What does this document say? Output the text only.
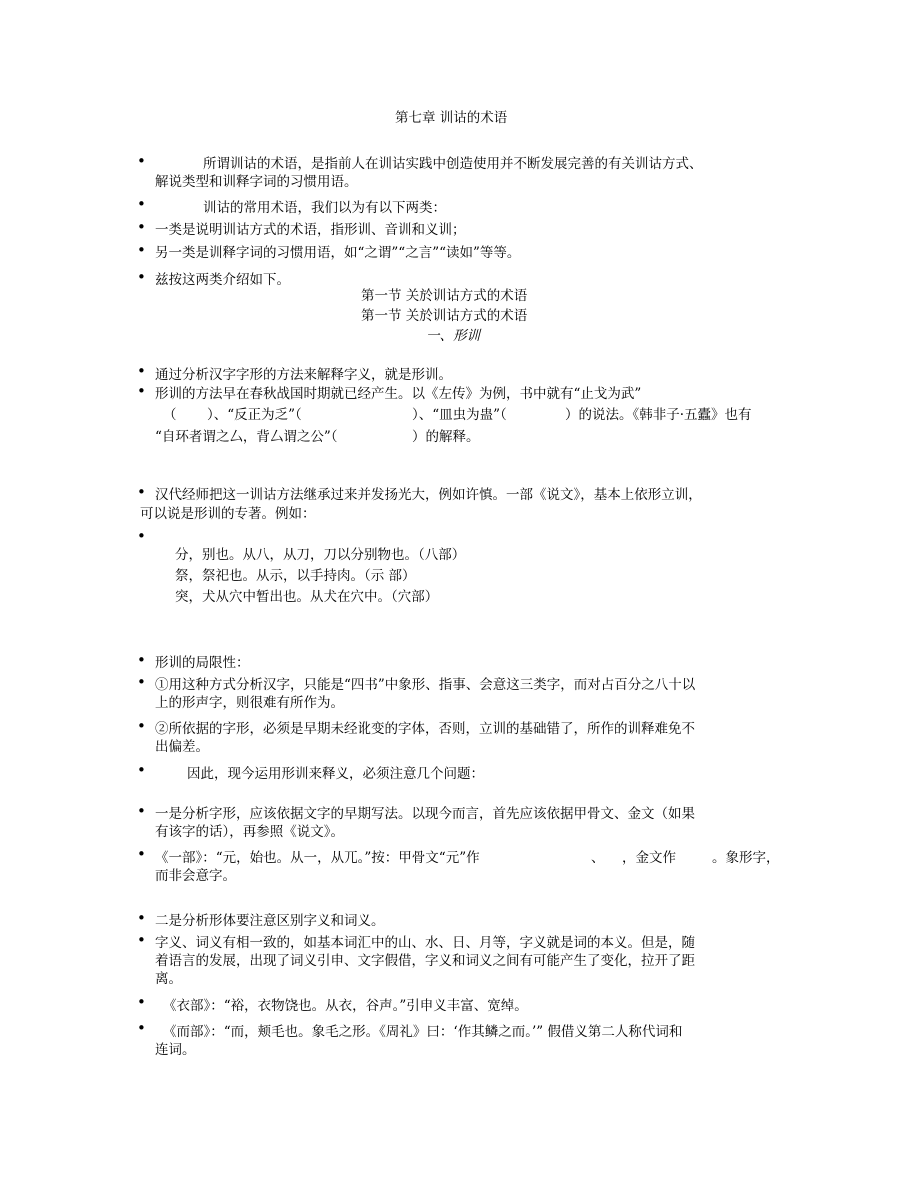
第七章 训诂的术语
•	所谓训诂的术语，是指前人在训诂实践中创造使用并不断发展完善的有关训诂方式、
解说类型和训释字词的习惯用语。
•	训诂的常用术语，我们以为有以下两类：
• 一类是说明训诂方式的术语，指形训、音训和义训；
• 另一类是训释字词的习惯用语，如“之谓”“之言”“读如”等等。
• 兹按这两类介绍如下。
第一节 关於训诂方式的术语
第一节 关於训诂方式的术语
一、形训
• 通过分析汉字字形的方法来解释字义，就是形训。
• 形训的方法早在春秋战国时期就已经产生。以《左传》为例，书中就有“止戈为武”
（ ）、“反正为乏”（	）、“皿虫为蛊”（	）的说法。《韩非子·五蠹》也有
“自环者谓之厶，背厶谓之公”（	）的解释。
• 汉代经师把这一训诂方法继承过来并发扬光大，例如许慎。一部《说文》，基本上依形立训，
可以说是形训的专著。例如：
•
分，别也。从八，从刀，刀以分别物也。（八部）
祭，祭祀也。从示，以手持肉。（示 部）
突，犬从穴中暂出也。从犬在穴中。（穴部）
• 形训的局限性：
• ①用这种方式分析汉字，只能是“四书”中象形、指事、会意这三类字，而对占百分之八十以
上的形声字，则很难有所作为。
• ②所依据的字形，必须是早期未经讹变的字体，否则，立训的基础错了，所作的训释难免不
出偏差。
•	因此，现今运用形训来释义，必须注意几个问题：
• 一是分析字形，应该依据文字的早期写法。以现今而言，首先应该依据甲骨文、金文（如果
有该字的话），再参照《说文》。
• 《一部》：“元，始也。从一，从兀。”按：甲骨文“元”作	、 ，金文作	。象形字，
而非会意字。
• 二是分析形体要注意区别字义和词义。
• 字义、词义有相一致的，如基本词汇中的山、水、日、月等，字义就是词的本义。但是，随
着语言的发展，出现了词义引申、文字假借，字义和词义之间有可能产生了变化，拉开了距
离。
• 《衣部》：“裕，衣物饶也。从衣，谷声。”引申义丰富、宽绰。
• 《而部》：“而，颊毛也。象毛之形。《周礼》曰：‘作其鳞之而。’” 假借义第二人称代词和
连词。
